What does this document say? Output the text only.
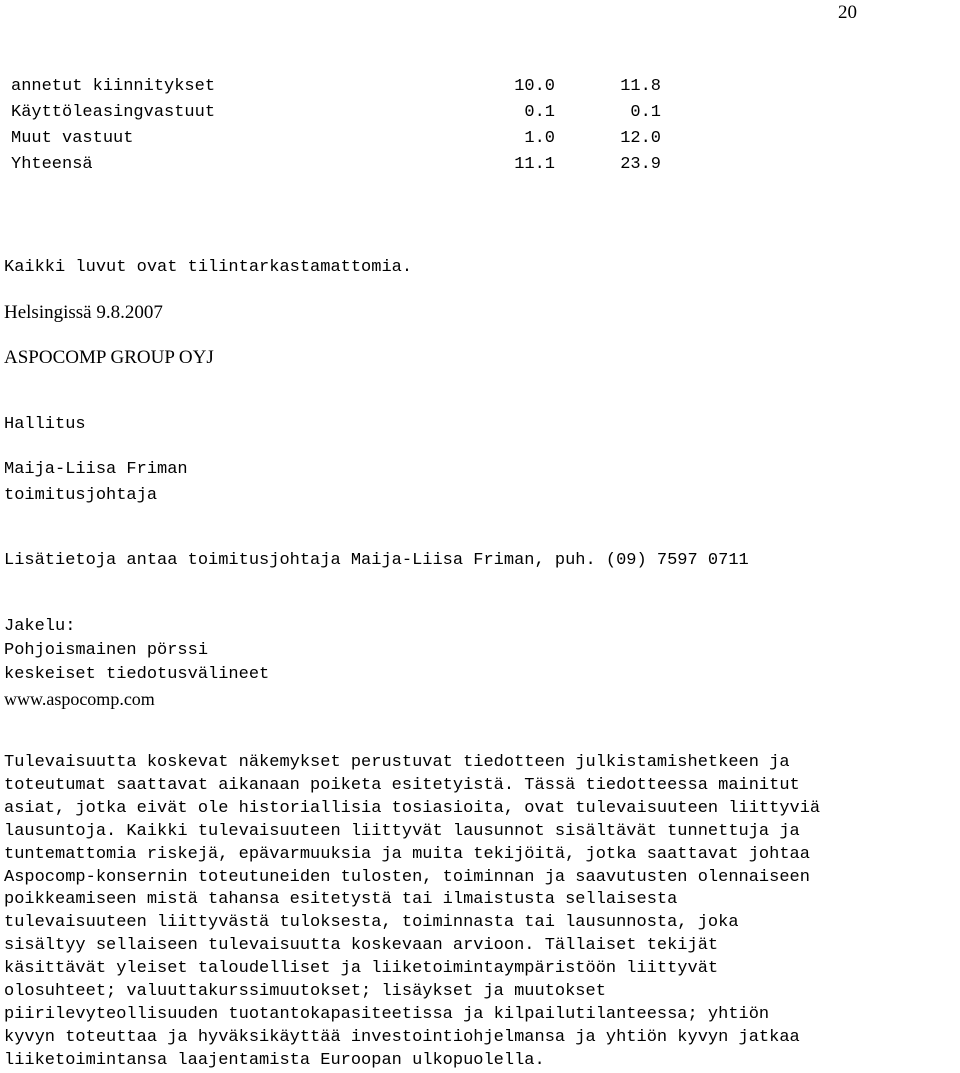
20
annetut kiinnitykset	10.0	11.8
Käyttöleasingvastuut	0.1	0.1
Muut vastuut	1.0	12.0
Yhteensä	11.1	23.9
Kaikki luvut ovat tilintarkastamattomia.
Helsingissä 9.8.2007
ASPOCOMP GROUP OYJ
Hallitus
Maija-Liisa Friman
toimitusjohtaja
Lisätietoja antaa toimitusjohtaja Maija-Liisa Friman, puh. (09) 7597 0711
Jakelu:
Pohjoismainen pörssi
keskeiset tiedotusvälineet
www.aspocomp.com
Tulevaisuutta koskevat näkemykset perustuvat tiedotteen julkistamishetkeen ja
toteutumat saattavat aikanaan poiketa esitetyistä. Tässä tiedotteessa mainitut
asiat, jotka eivät ole historiallisia tosiasioita, ovat tulevaisuuteen liittyviä
lausuntoja. Kaikki tulevaisuuteen liittyvät lausunnot sisältävät tunnettuja ja
tuntemattomia riskejä, epävarmuuksia ja muita tekijöitä, jotka saattavat johtaa
Aspocomp-konsernin toteutuneiden tulosten, toiminnan ja saavutusten olennaiseen
poikkeamiseen mistä tahansa esitetystä tai ilmaistusta sellaisesta
tulevaisuuteen liittyvästä tuloksesta, toiminnasta tai lausunnosta, joka
sisältyy sellaiseen tulevaisuutta koskevaan arvioon. Tällaiset tekijät
käsittävät yleiset taloudelliset ja liiketoimintaympäristöön liittyvät
olosuhteet; valuuttakurssimuutokset; lisäykset ja muutokset
piirilevyteollisuuden tuotantokapasiteetissa ja kilpailutilanteessa; yhtiön
kyvyn toteuttaa ja hyväksikäyttää investointiohjelmansa ja yhtiön kyvyn jatkaa
liiketoimintansa laajentamista Euroopan ulkopuolella.
